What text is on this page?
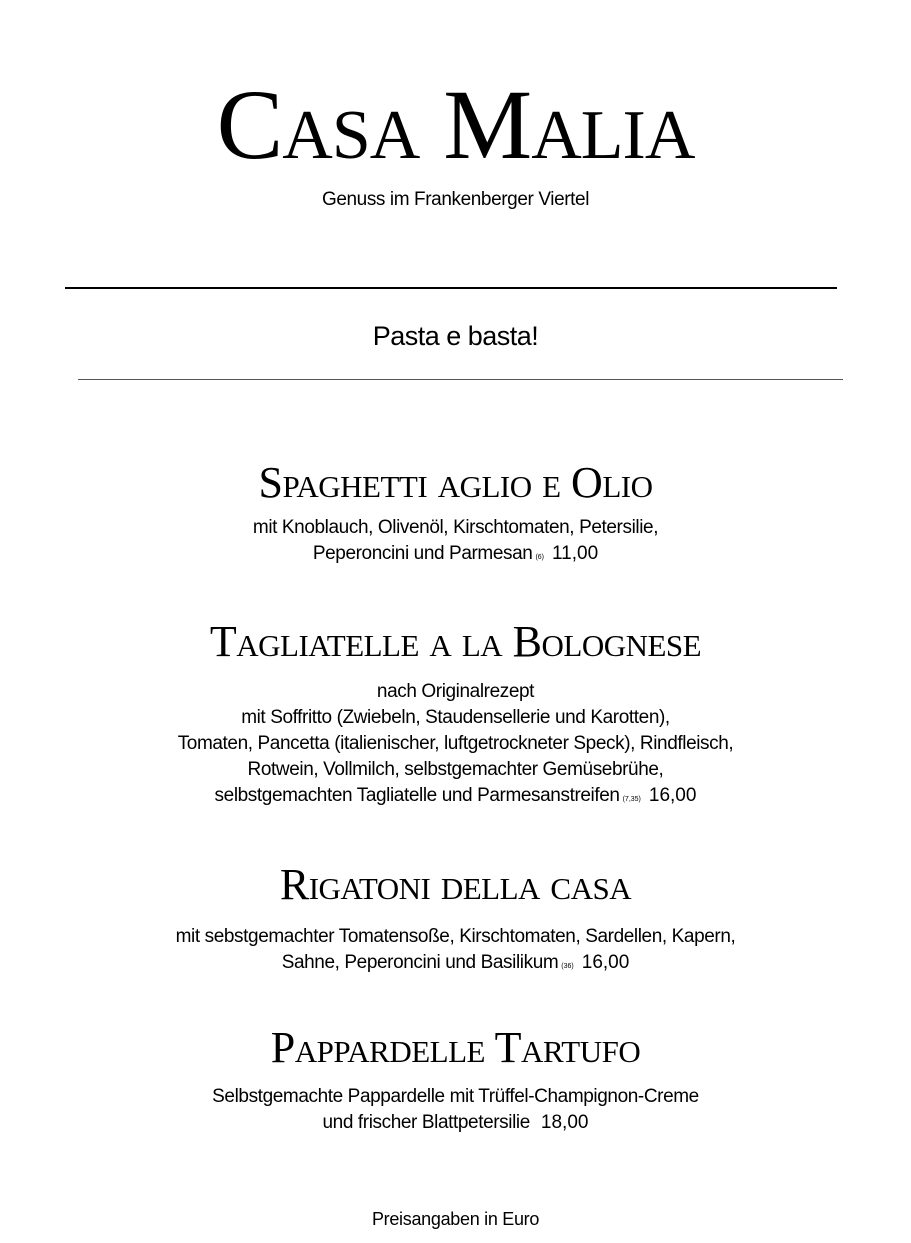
Casa Malia
Genuss im Frankenberger Viertel
Pasta e basta!
Spaghetti aglio e Olio
mit Knoblauch, Olivenöl, Kirschtomaten, Petersilie,
Peperoncini und Parmesan (6) 11,00
Tagliatelle a la Bolognese
nach Originalrezept
mit Soffritto (Zwiebeln, Staudensellerie und Karotten),
Tomaten, Pancetta (italienischer, luftgetrockneter Speck), Rindfleisch,
Rotwein, Vollmilch, selbstgemachter Gemüsebrühe,
selbstgemachten Tagliatelle und Parmesanstreifen (7,35) 16,00
Rigatoni della casa
mit sebstgemachter Tomatensoße, Kirschtomaten, Sardellen, Kapern,
Sahne, Peperoncini und Basilikum (36) 16,00
Pappardelle Tartufo
Selbstgemachte Pappardelle mit Trüffel-Champignon-Creme
und frischer Blattpetersilie 18,00
Preisangaben in Euro
